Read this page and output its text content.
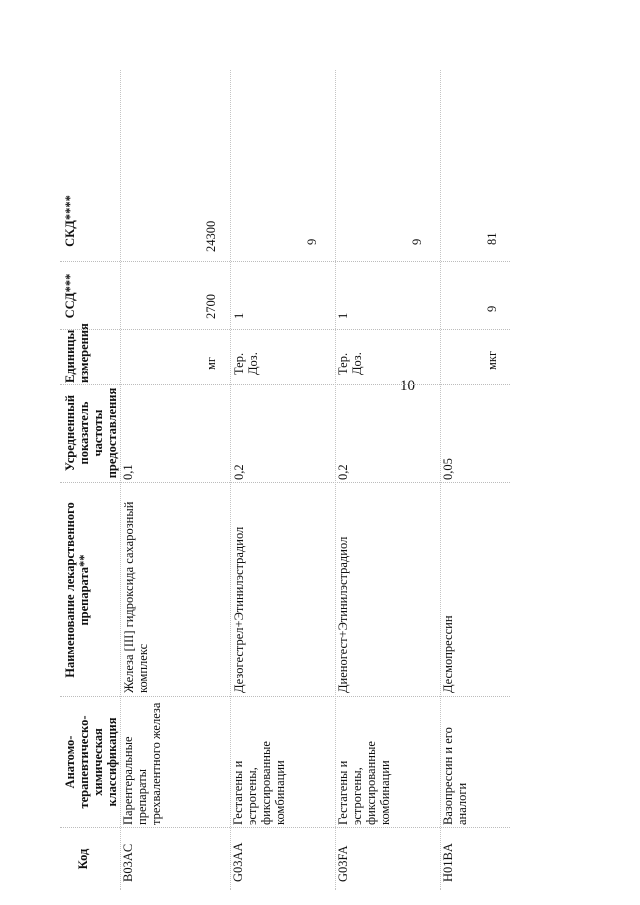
10
Код
Анатомо-терапевтическо-химическая классификация
Наименование лекарственного препарата**
Усредненный показатель частоты предоставления
Единицы измерения
ССД***
СКД****
B03AC
Парентеральные препараты трехвалентного железа
Железа [III] гидроксида сахарозный комплекс
0,1
мг
2700
24300
G03AA
Гестагены и эстрогены, фиксированные комбинации
Дезогестрел+Этинилэстрадиол
0,2
Тер. Доз.
1
9
G03FA
Гестагены и эстрогены, фиксированные комбинации
Диеногест+Этинилэстрадиол
0,2
Тер. Доз.
1
9
H01BA
Вазопрессин и его аналоги
Десмопрессин
0,05
мкг
9
81
